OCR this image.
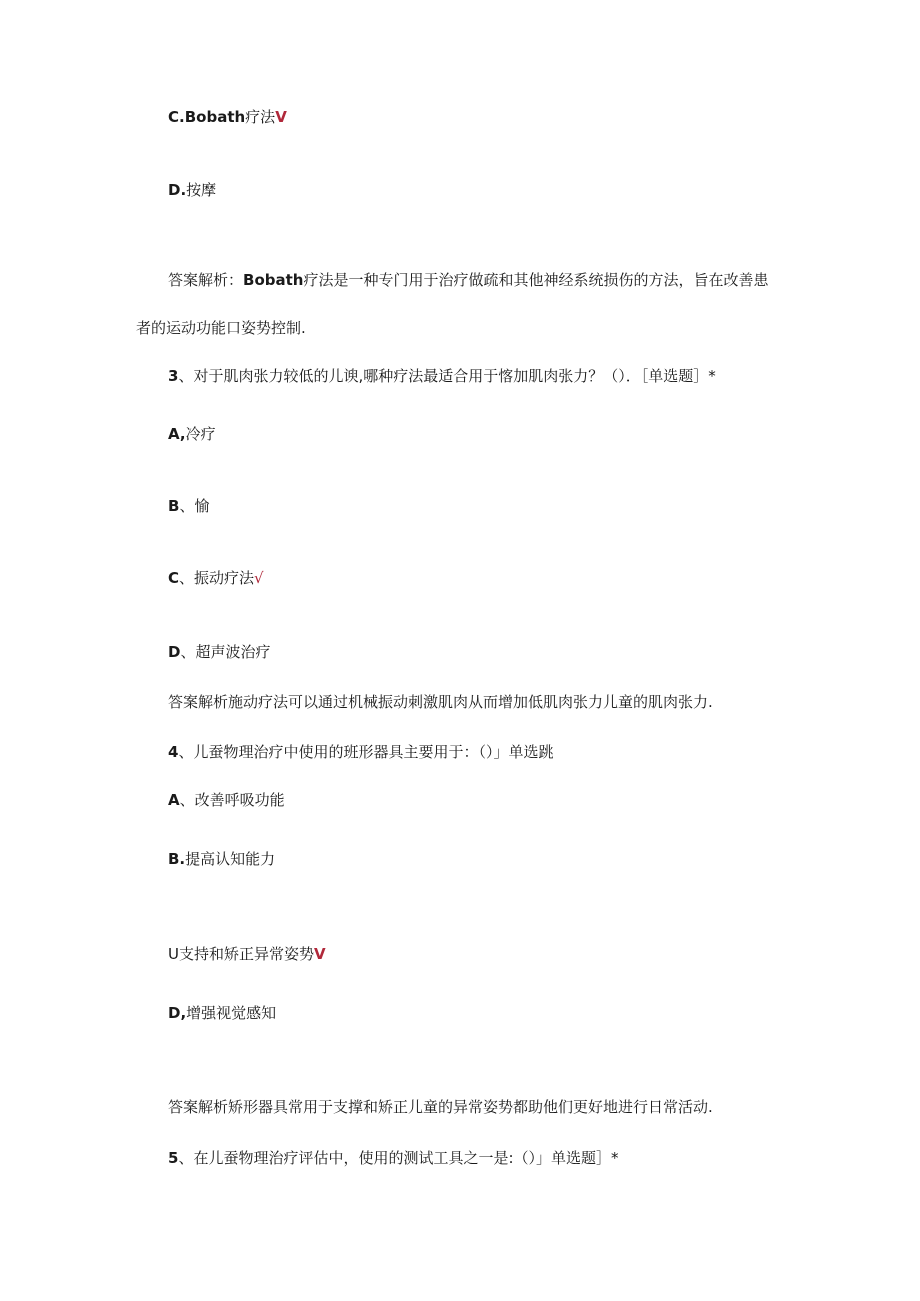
C.Bobath疗法V
D.按摩
答案解析：Bobath疗法是一种专门用于治疗做疏和其他神经系统损伤的方法，旨在改善患
者的运动功能口姿势控制.
3、对于肌肉张力较低的儿谀,哪种疗法最适合用于愘加肌肉张力？（）．［单选题］*
A,冷疗
B、愉
C、振动疗法√
D、超声波治疗
答案解析施动疗法可以通过机械振动刺激肌肉从而增加低肌肉张力儿童的肌肉张力.
4、儿蚕物理治疗中使用的班形器具主要用于：（）」单选跳
A、改善呼吸功能
B.提高认知能力
U支持和矫正异常姿势V
D,增强视觉感知
答案解析矫形器具常用于支撑和矫正儿童的异常姿势都助他们更好地进行日常活动.
5、在儿蚕物理治疗评估中，使用的测试工具之一是:（）」单选题］*
